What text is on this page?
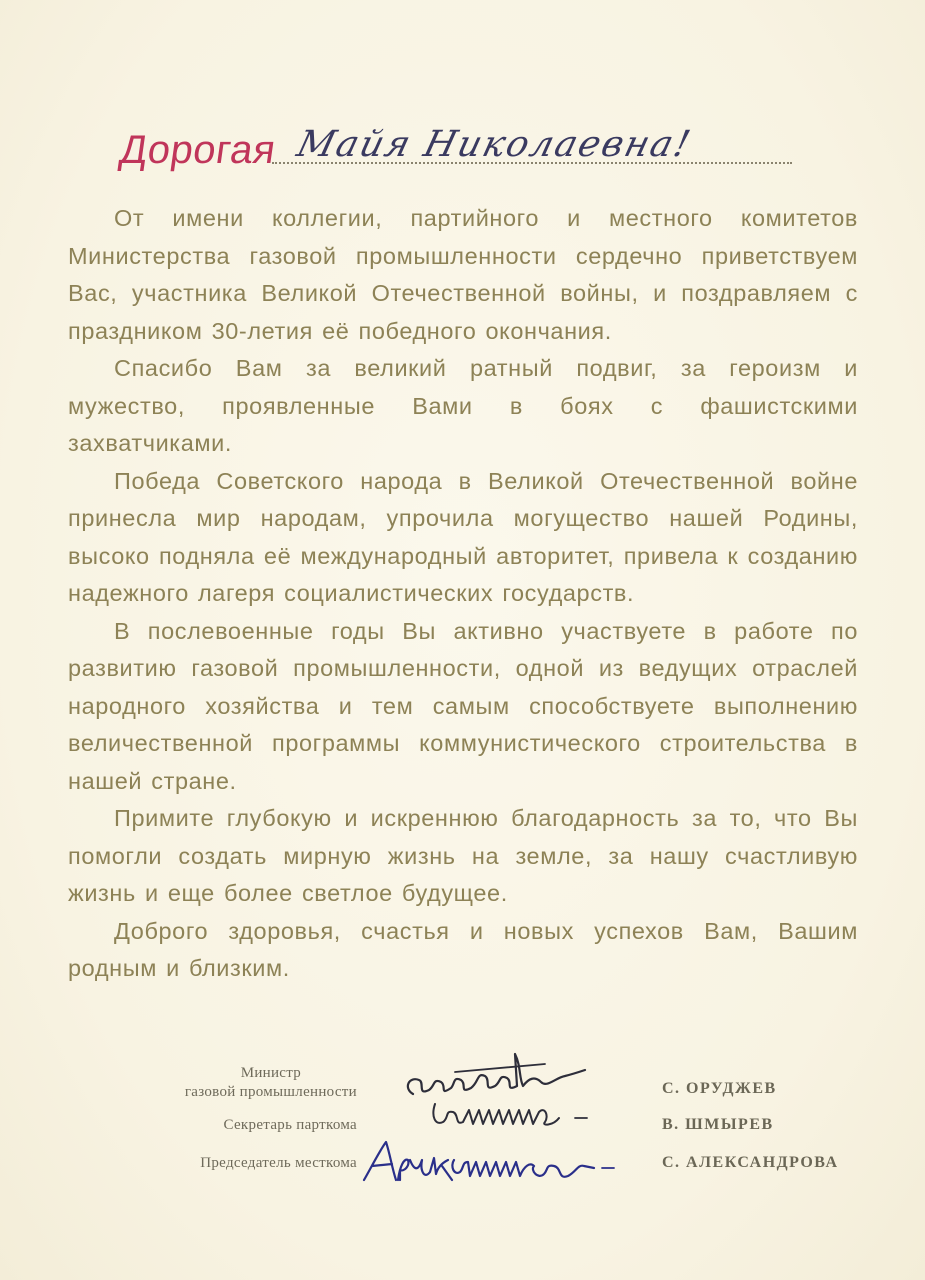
Дорогая Майя Николаевна!

От имени коллегии, партийного и местного комитетов Министерства газовой промышленности сердечно приветствуем Вас, участника Великой Отечественной войны, и поздравляем с праздником 30-летия её победного окончания.

Спасибо Вам за великий ратный подвиг, за героизм и мужество, проявленные Вами в боях с фашистскими захватчиками.

Победа Советского народа в Великой Отечественной войне принесла мир народам, упрочила могущество нашей Родины, высоко подняла её международный авторитет, привела к созданию надежного лагеря социалистических государств.

В послевоенные годы Вы активно участвуете в работе по развитию газовой промышленности, одной из ведущих отраслей народного хозяйства и тем самым способствуете выполнению величественной программы коммунистического строительства в нашей стране.

Примите глубокую и искреннюю благодарность за то, что Вы помогли создать мирную жизнь на земле, за нашу счастливую жизнь и еще более светлое будущее.

Доброго здоровья, счастья и новых успехов Вам, Вашим родным и близким.

Министр
газовой промышленности	С. ОРУДЖЕВ
Секретарь парткома	В. ШМЫРЕВ
Председатель месткома	С. АЛЕКСАНДРОВА
